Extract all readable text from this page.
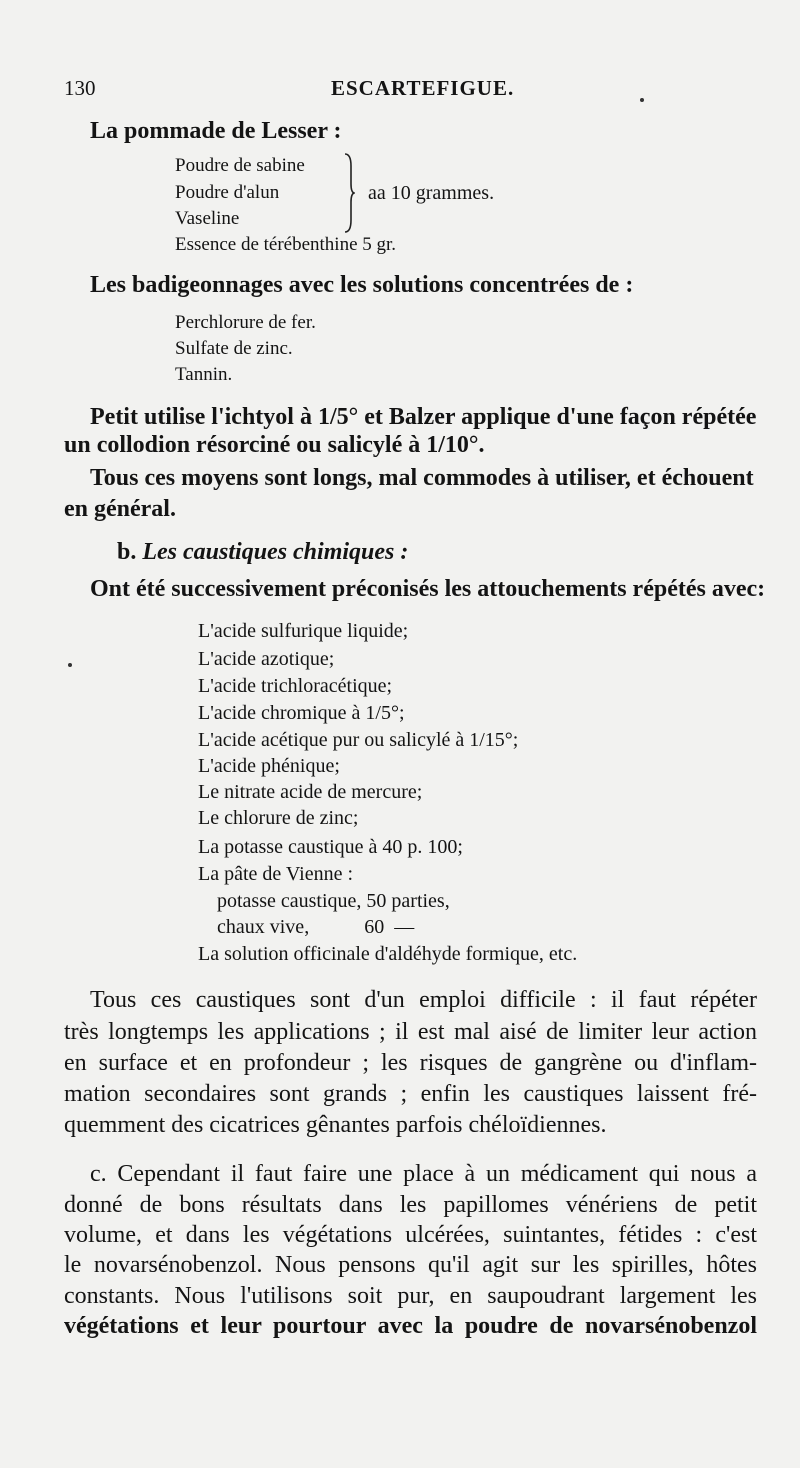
130	ESCARTEFIGUE.
La pommade de Lesser :
Poudre de sabine
Poudre d'alun
Vaseline
aa 10 grammes.
Essence de térébenthine 5 gr.
Les badigeonnages avec les solutions concentrées de :
Perchlorure de fer.
Sulfate de zinc.
Tannin.
Petit utilise l'ichtyol à 1/5° et Balzer applique d'une façon répétée
un collodion résorciné ou salicylé à 1/10°.
Tous ces moyens sont longs, mal commodes à utiliser, et échouent
en général.
b. Les caustiques chimiques :
Ont été successivement préconisés les attouchements répétés avec:
L'acide sulfurique liquide;
L'acide azotique;
L'acide trichloracétique;
L'acide chromique à 1/5°;
L'acide acétique pur ou salicylé à 1/15°;
L'acide phénique;
Le nitrate acide de mercure;
Le chlorure de zinc;
La potasse caustique à 40 p. 100;
La pâte de Vienne :
potasse caustique, 50 parties,
chaux vive,           60  —
La solution officinale d'aldéhyde formique, etc.
Tous ces caustiques sont d'un emploi difficile : il faut répéter
très longtemps les applications ; il est mal aisé de limiter leur action
en surface et en profondeur ; les risques de gangrène ou d'inflam-
mation secondaires sont grands ; enfin les caustiques laissent fré-
quemment des cicatrices gênantes parfois chéloïdiennes.
c. Cependant il faut faire une place à un médicament qui nous a
donné de bons résultats dans les papillomes vénériens de petit
volume, et dans les végétations ulcérées, suintantes, fétides : c'est
le novarsénobenzol. Nous pensons qu'il agit sur les spirilles, hôtes
constants. Nous l'utilisons soit pur, en saupoudrant largement les
végétations et leur pourtour avec la poudre de novarsénobenzol
